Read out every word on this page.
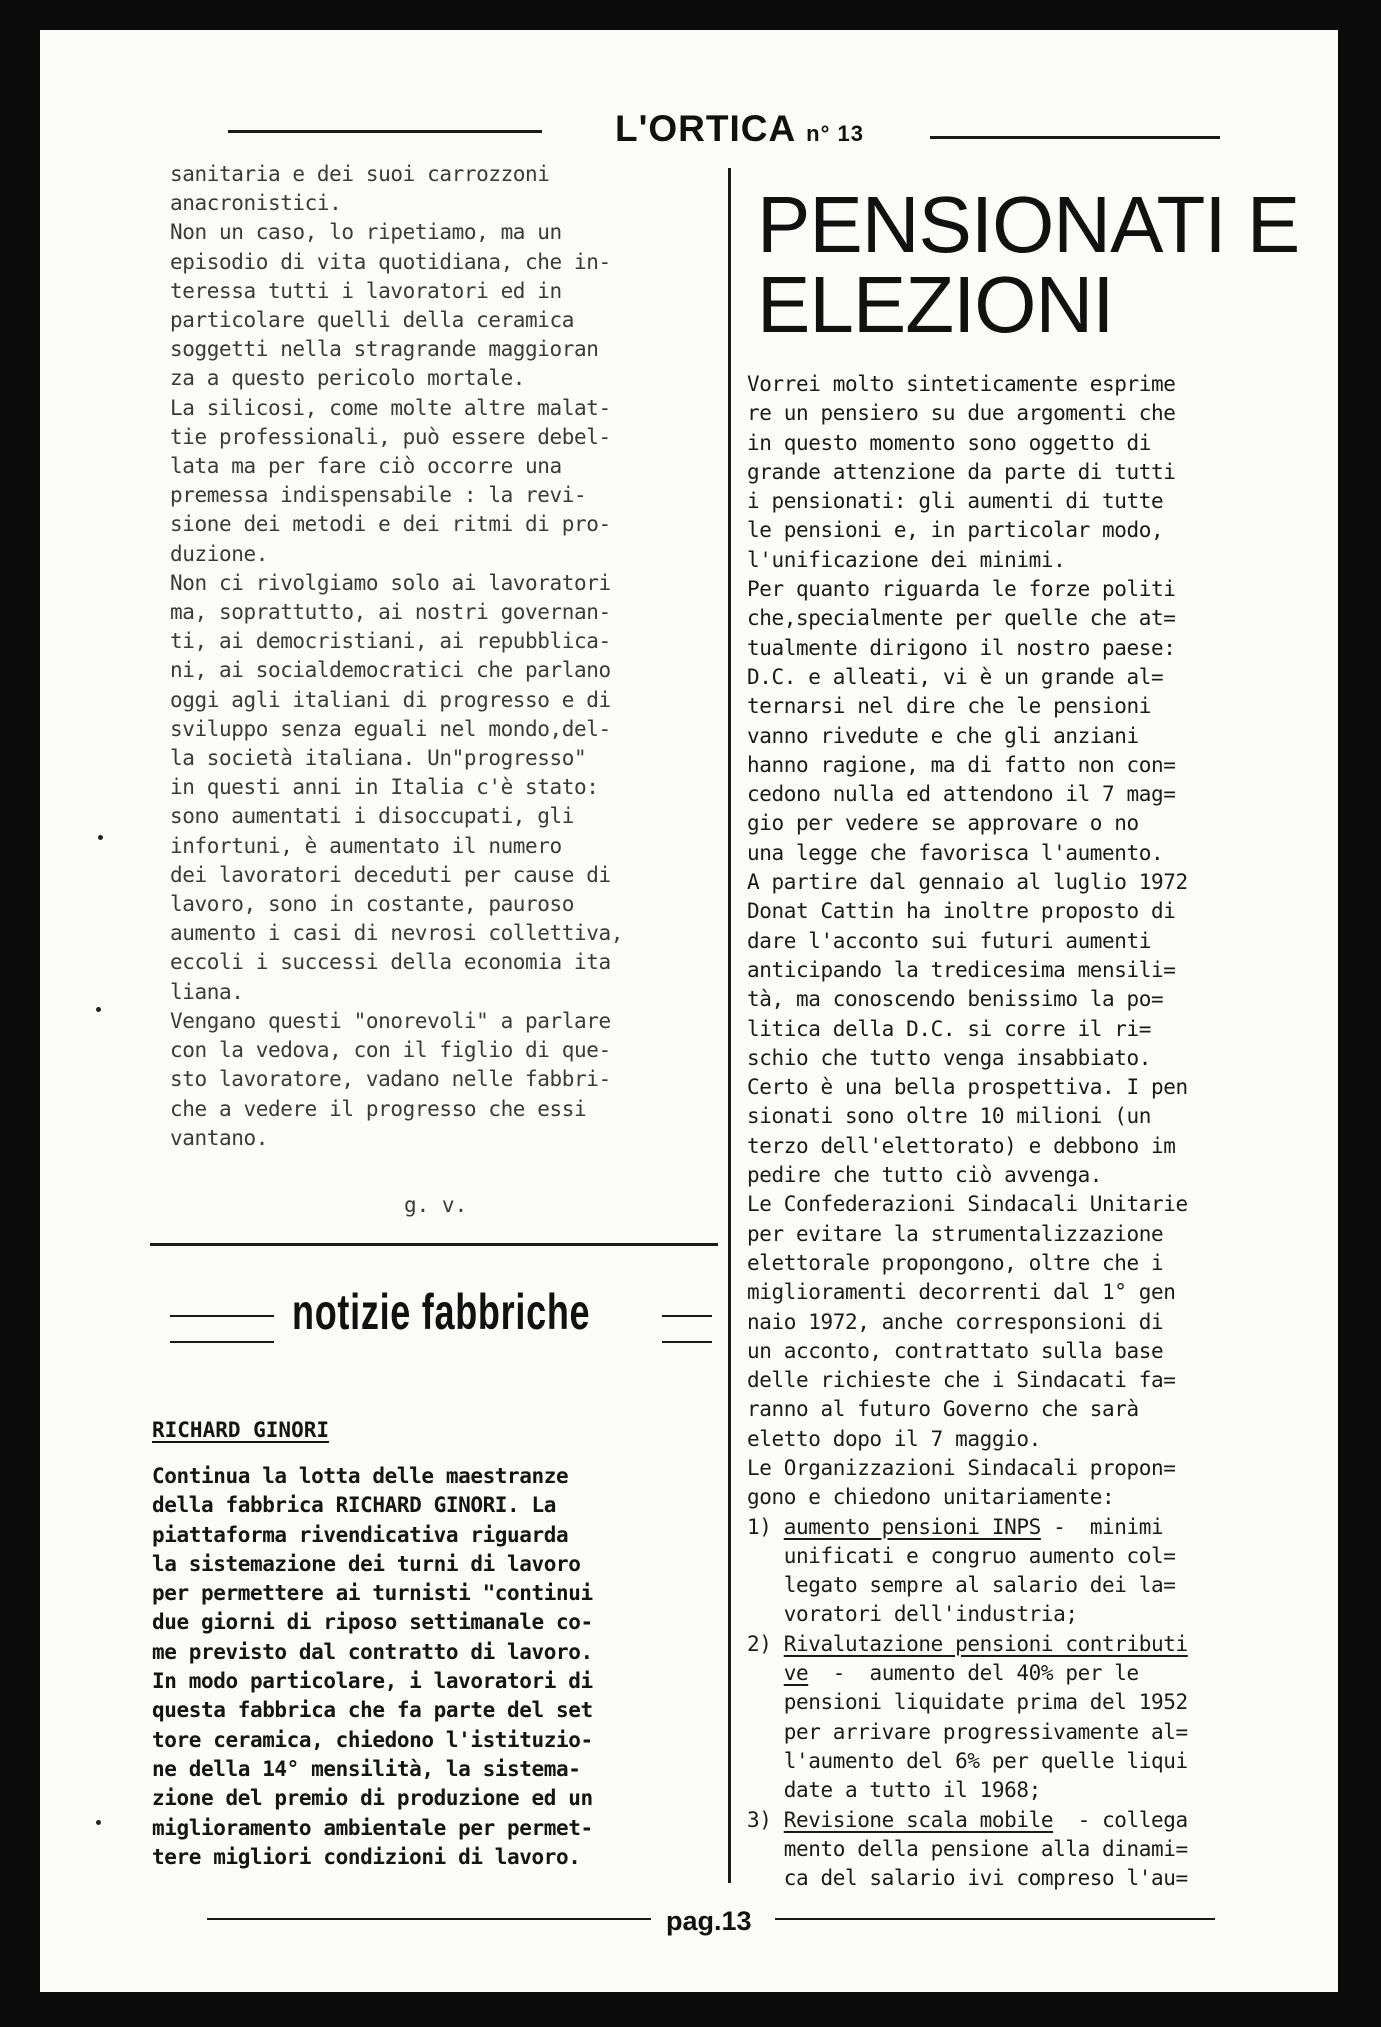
L'ORTICA n° 13
sanitaria e dei suoi carrozzoni
anacronistici.
Non un caso, lo ripetiamo, ma un
episodio di vita quotidiana, che in-
teressa tutti i lavoratori ed in
particolare quelli della ceramica
soggetti nella stragrande maggioran
za a questo pericolo mortale.
La silicosi, come molte altre malat-
tie professionali, può essere debel-
lata ma per fare ciò occorre una
premessa indispensabile : la revi-
sione dei metodi e dei ritmi di pro-
duzione.
Non ci rivolgiamo solo ai lavoratori
ma, soprattutto, ai nostri governan-
ti, ai democristiani, ai repubblica-
ni, ai socialdemocratici che parlano
oggi agli italiani di progresso e di
sviluppo senza eguali nel mondo,del-
la società italiana. Un"progresso"
in questi anni in Italia c'è stato:
sono aumentati i disoccupati, gli
infortuni, è aumentato il numero
dei lavoratori deceduti per cause di
lavoro, sono in costante, pauroso
aumento i casi di nevrosi collettiva,
eccoli i successi della economia ita
liana.
Vengano questi "onorevoli" a parlare
con la vedova, con il figlio di que-
sto lavoratore, vadano nelle fabbri-
che a vedere il progresso che essi
vantano.
g. v.
notizie fabbriche
RICHARD GINORI
Continua la lotta delle maestranze
della fabbrica RICHARD GINORI. La
piattaforma rivendicativa riguarda
la sistemazione dei turni di lavoro
per permettere ai turnisti "continui
due giorni di riposo settimanale co-
me previsto dal contratto di lavoro.
In modo particolare, i lavoratori di
questa fabbrica che fa parte del set
tore ceramica, chiedono l'istituzio-
ne della 14° mensilità, la sistema-
zione del premio di produzione ed un
miglioramento ambientale per permet-
tere migliori condizioni di lavoro.
PENSIONATI E
ELEZIONI
Vorrei molto sinteticamente esprime
re un pensiero su due argomenti che
in questo momento sono oggetto di
grande attenzione da parte di tutti
i pensionati: gli aumenti di tutte
le pensioni e, in particolar modo,
l'unificazione dei minimi.
Per quanto riguarda le forze politi
che,specialmente per quelle che at=
tualmente dirigono il nostro paese:
D.C. e alleati, vi è un grande al=
ternarsi nel dire che le pensioni
vanno rivedute e che gli anziani
hanno ragione, ma di fatto non con=
cedono nulla ed attendono il 7 mag=
gio per vedere se approvare o no
una legge che favorisca l'aumento.
A partire dal gennaio al luglio 1972
Donat Cattin ha inoltre proposto di
dare l'acconto sui futuri aumenti
anticipando la tredicesima mensili=
tà, ma conoscendo benissimo la po=
litica della D.C. si corre il ri=
schio che tutto venga insabbiato.
Certo è una bella prospettiva. I pen
sionati sono oltre 10 milioni (un
terzo dell'elettorato) e debbono im
pedire che tutto ciò avvenga.
Le Confederazioni Sindacali Unitarie
per evitare la strumentalizzazione
elettorale propongono, oltre che i
miglioramenti decorrenti dal 1° gen
naio 1972, anche corresponsioni di
un acconto, contrattato sulla base
delle richieste che i Sindacati fa=
ranno al futuro Governo che sarà
eletto dopo il 7 maggio.
Le Organizzazioni Sindacali propon=
gono e chiedono unitariamente:
1) aumento pensioni INPS -  minimi
unificati e congruo aumento col=
legato sempre al salario dei la=
voratori dell'industria;
2) Rivalutazione pensioni contributi
ve  -  aumento del 40% per le
pensioni liquidate prima del 1952
per arrivare progressivamente al=
l'aumento del 6% per quelle liqui
date a tutto il 1968;
3) Revisione scala mobile  - collega
mento della pensione alla dinami=
ca del salario ivi compreso l'au=
pag.13
